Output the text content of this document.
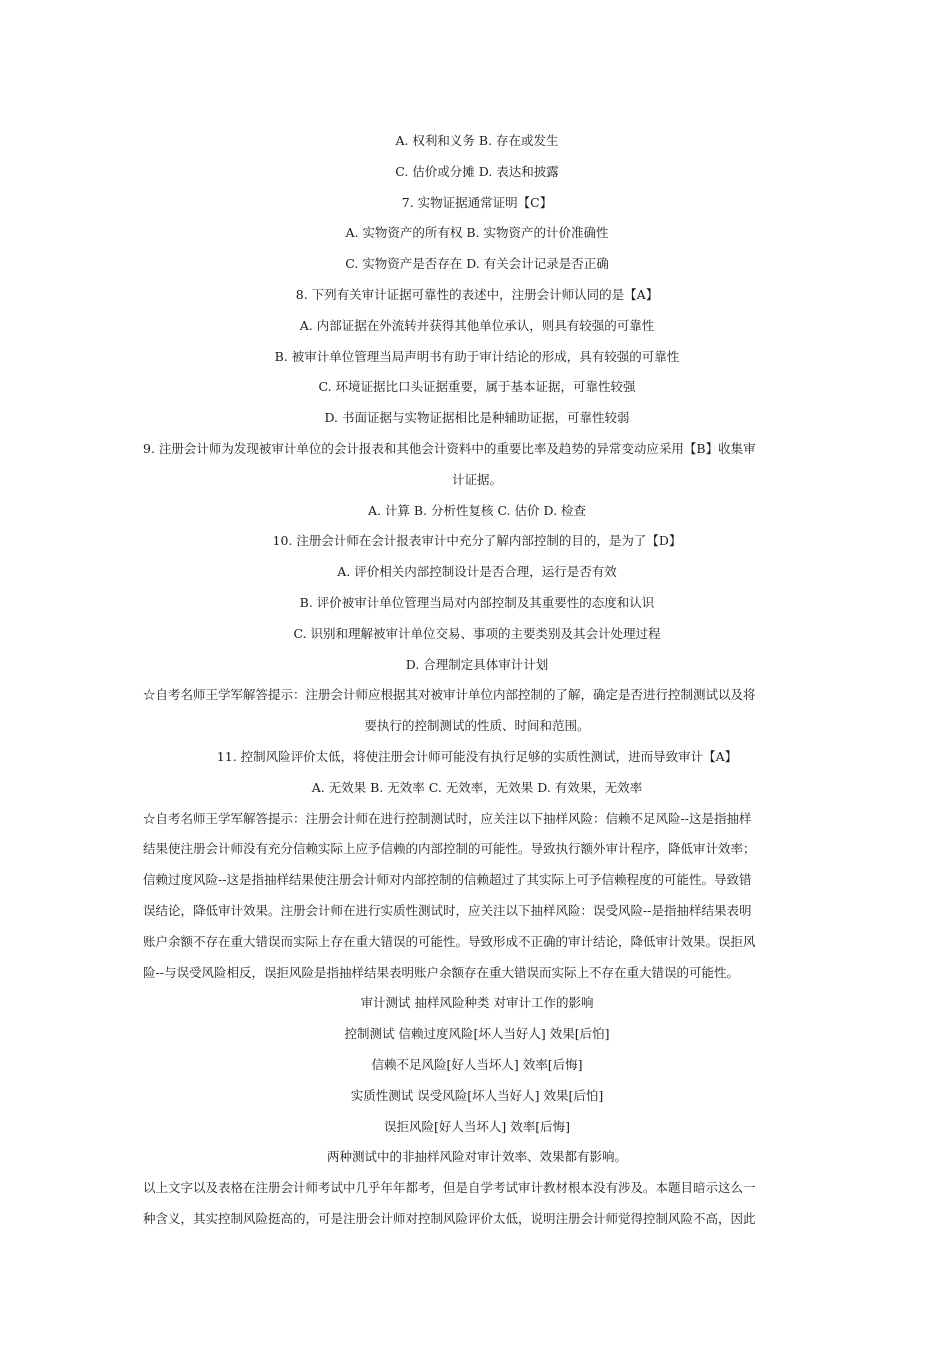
A. 权利和义务 B. 存在或发生
C. 估价或分摊 D. 表达和披露
7. 实物证据通常证明【C】
A. 实物资产的所有权 B. 实物资产的计价准确性
C. 实物资产是否存在 D. 有关会计记录是否正确
8. 下列有关审计证据可靠性的表述中，注册会计师认同的是【A】
A. 内部证据在外流转并获得其他单位承认，则具有较强的可靠性
B. 被审计单位管理当局声明书有助于审计结论的形成，具有较强的可靠性
C. 环境证据比口头证据重要，属于基本证据，可靠性较强
D. 书面证据与实物证据相比是种辅助证据，可靠性较弱
9. 注册会计师为发现被审计单位的会计报表和其他会计资料中的重要比率及趋势的异常变动应采用【B】收集审
计证据。
A. 计算 B. 分析性复核 C. 估价 D. 检查
10. 注册会计师在会计报表审计中充分了解内部控制的目的，是为了【D】
A. 评价相关内部控制设计是否合理，运行是否有效
B. 评价被审计单位管理当局对内部控制及其重要性的态度和认识
C. 识别和理解被审计单位交易、事项的主要类别及其会计处理过程
D. 合理制定具体审计计划
☆自考名师王学军解答提示：注册会计师应根据其对被审计单位内部控制的了解，确定是否进行控制测试以及将
要执行的控制测试的性质、时间和范围。
11. 控制风险评价太低，将使注册会计师可能没有执行足够的实质性测试，进而导致审计【A】
A. 无效果 B. 无效率 C. 无效率，无效果 D. 有效果，无效率
☆自考名师王学军解答提示：注册会计师在进行控制测试时，应关注以下抽样风险：信赖不足风险--这是指抽样
结果使注册会计师没有充分信赖实际上应予信赖的内部控制的可能性。导致执行额外审计程序，降低审计效率；
信赖过度风险--这是指抽样结果使注册会计师对内部控制的信赖超过了其实际上可予信赖程度的可能性。导致错
误结论，降低审计效果。注册会计师在进行实质性测试时，应关注以下抽样风险：误受风险--是指抽样结果表明
账户余额不存在重大错误而实际上存在重大错误的可能性。导致形成不正确的审计结论，降低审计效果。误拒风
险--与误受风险相反，误拒风险是指抽样结果表明账户余额存在重大错误而实际上不存在重大错误的可能性。
审计测试 抽样风险种类 对审计工作的影响
控制测试 信赖过度风险[坏人当好人] 效果[后怕]
信赖不足风险[好人当坏人] 效率[后悔]
实质性测试 误受风险[坏人当好人] 效果[后怕]
误拒风险[好人当坏人] 效率[后悔]
两种测试中的非抽样风险对审计效率、效果都有影响。
以上文字以及表格在注册会计师考试中几乎年年都考，但是自学考试审计教材根本没有涉及。本题目暗示这么一
种含义，其实控制风险挺高的，可是注册会计师对控制风险评价太低，说明注册会计师觉得控制风险不高，因此
